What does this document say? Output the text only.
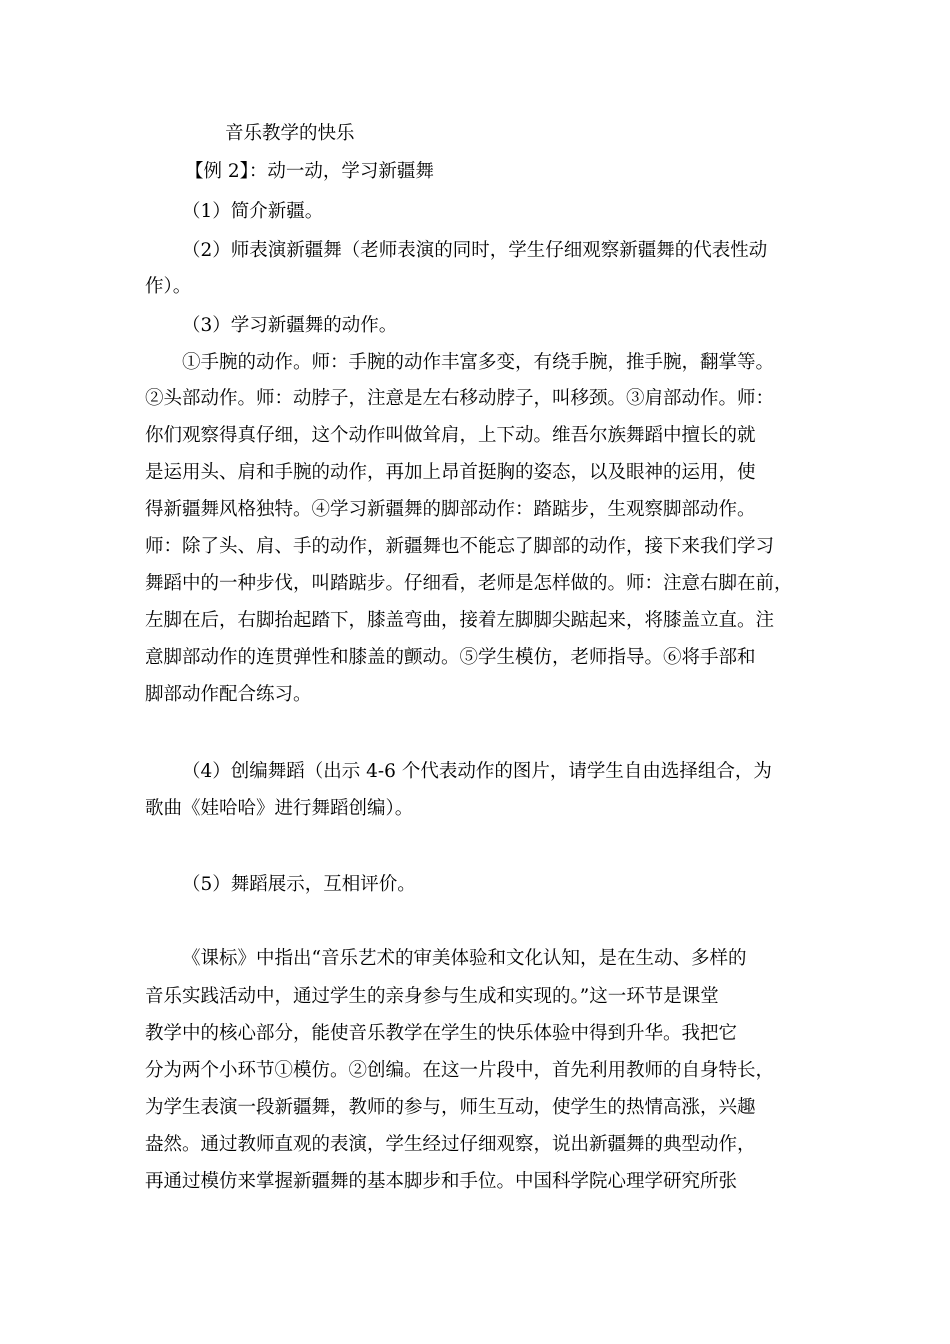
音乐教学的快乐
【例 2】：动一动，学习新疆舞
（1）简介新疆。
（2）师表演新疆舞（老师表演的同时，学生仔细观察新疆舞的代表性动
作）。
（3）学习新疆舞的动作。
①手腕的动作。师：手腕的动作丰富多变，有绕手腕，推手腕，翻掌等。
②头部动作。师：动脖子，注意是左右移动脖子，叫移颈。③肩部动作。师：
你们观察得真仔细，这个动作叫做耸肩，上下动。维吾尔族舞蹈中擅长的就
是运用头、肩和手腕的动作，再加上昂首挺胸的姿态，以及眼神的运用，使
得新疆舞风格独特。④学习新疆舞的脚部动作：踏踮步，生观察脚部动作。
师：除了头、肩、手的动作，新疆舞也不能忘了脚部的动作，接下来我们学习
舞蹈中的一种步伐，叫踏踮步。仔细看，老师是怎样做的。师：注意右脚在前，
左脚在后，右脚抬起踏下，膝盖弯曲，接着左脚脚尖踮起来，将膝盖立直。注
意脚部动作的连贯弹性和膝盖的颤动。⑤学生模仿，老师指导。⑥将手部和
脚部动作配合练习。
（4）创编舞蹈（出示 4-6 个代表动作的图片，请学生自由选择组合，为
歌曲《娃哈哈》进行舞蹈创编）。
（5）舞蹈展示，互相评价。
《课标》中指出“音乐艺术的审美体验和文化认知，是在生动、多样的
音乐实践活动中，通过学生的亲身参与生成和实现的。”这一环节是课堂
教学中的核心部分，能使音乐教学在学生的快乐体验中得到升华。我把它
分为两个小环节①模仿。②创编。在这一片段中，首先利用教师的自身特长，
为学生表演一段新疆舞，教师的参与，师生互动，使学生的热情高涨，兴趣
盎然。通过教师直观的表演，学生经过仔细观察，说出新疆舞的典型动作，
再通过模仿来掌握新疆舞的基本脚步和手位。中国科学院心理学研究所张
